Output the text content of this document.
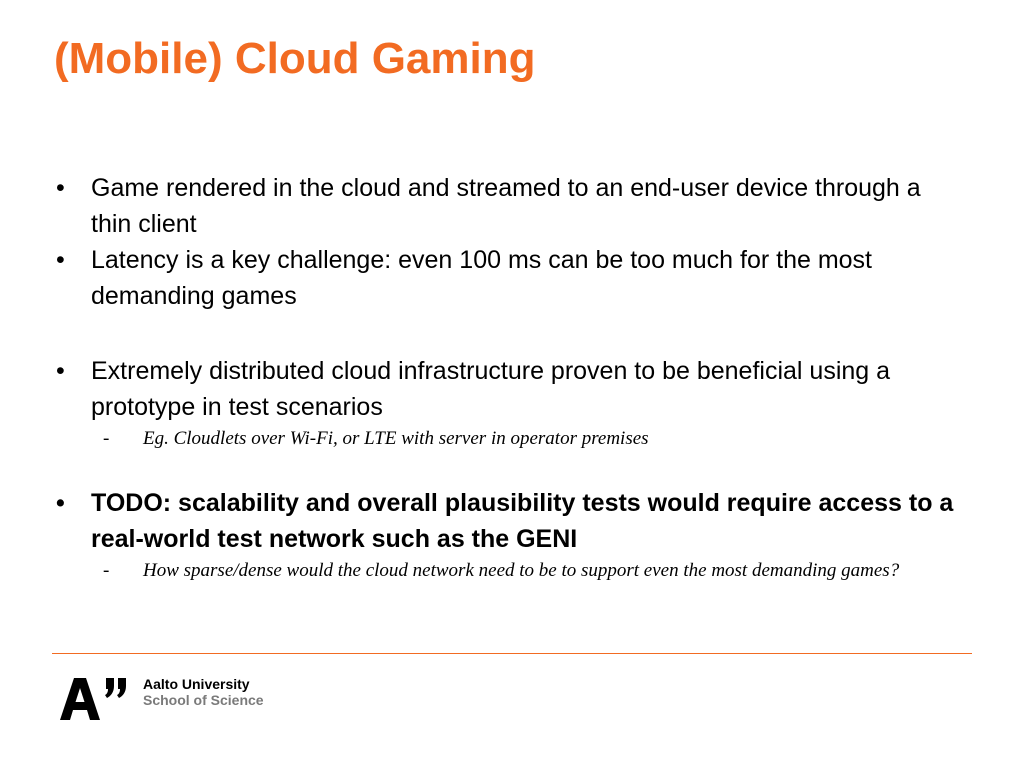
(Mobile) Cloud Gaming

•	Game rendered in the cloud and streamed to an end-user device through a thin client

•	Latency is a key challenge: even 100 ms can be too much for the most demanding games

•	Extremely distributed cloud infrastructure proven to be beneficial using a prototype in test scenarios

- Eg. Cloudlets over Wi-Fi, or LTE with server in operator premises

•	TODO: scalability and overall plausibility tests would require access to a real-world test network such as the GENI

- How sparse/dense would the cloud network need to be to support even the most demanding games?

Aalto University
School of Science
